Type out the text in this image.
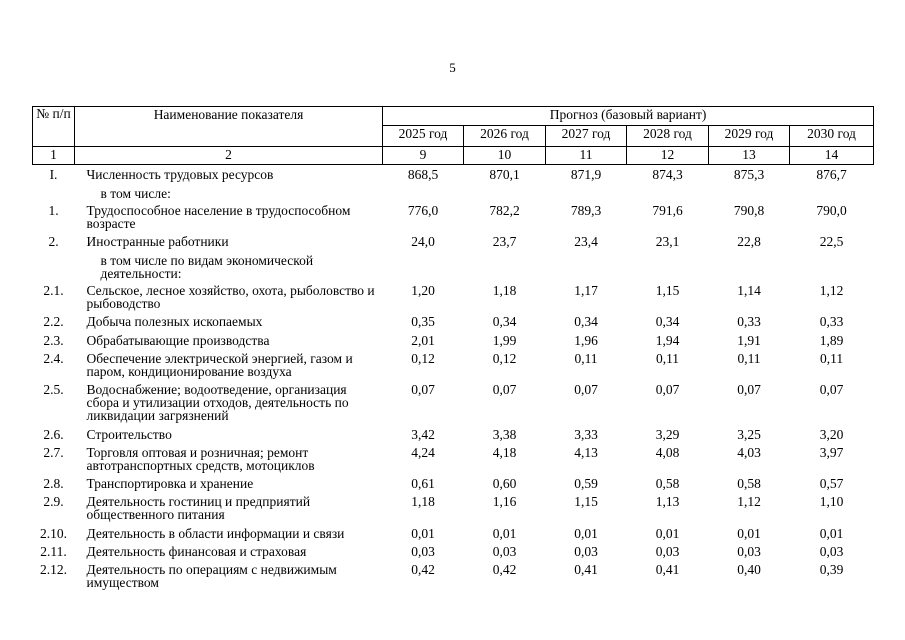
5
№ п/п	Наименование показателя	Прогноз (базовый вариант)					
		2025 год	2026 год	2027 год	2028 год	2029 год	2030 год
1	2	9	10	11	12	13	14
I.	Численность трудовых ресурсов	868,5	870,1	871,9	874,3	875,3	876,7
	в том числе:						
1.	Трудоспособное население в трудоспособном возрасте	776,0	782,2	789,3	791,6	790,8	790,0
2.	Иностранные работники	24,0	23,7	23,4	23,1	22,8	22,5
	в том числе по видам экономической деятельности:						
2.1.	Сельское, лесное хозяйство, охота, рыболовство и рыбоводство	1,20	1,18	1,17	1,15	1,14	1,12
2.2.	Добыча полезных ископаемых	0,35	0,34	0,34	0,34	0,33	0,33
2.3.	Обрабатывающие производства	2,01	1,99	1,96	1,94	1,91	1,89
2.4.	Обеспечение электрической энергией, газом и паром, кондиционирование воздуха	0,12	0,12	0,11	0,11	0,11	0,11
2.5.	Водоснабжение; водоотведение, организация сбора и утилизации отходов, деятельность по ликвидации загрязнений	0,07	0,07	0,07	0,07	0,07	0,07
2.6.	Строительство	3,42	3,38	3,33	3,29	3,25	3,20
2.7.	Торговля оптовая и розничная; ремонт автотранспортных средств, мотоциклов	4,24	4,18	4,13	4,08	4,03	3,97
2.8.	Транспортировка и хранение	0,61	0,60	0,59	0,58	0,58	0,57
2.9.	Деятельность гостиниц и предприятий общественного питания	1,18	1,16	1,15	1,13	1,12	1,10
2.10.	Деятельность в области информации и связи	0,01	0,01	0,01	0,01	0,01	0,01
2.11.	Деятельность финансовая и страховая	0,03	0,03	0,03	0,03	0,03	0,03
2.12.	Деятельность по операциям с недвижимым имуществом	0,42	0,42	0,41	0,41	0,40	0,39
